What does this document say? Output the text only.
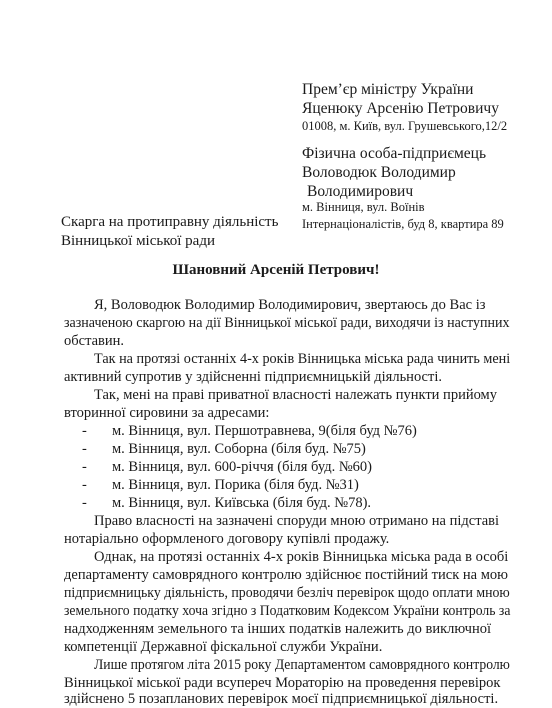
Прем’єр міністру України
Яценюку Арсенію Петровичу
01008, м. Київ, вул. Грушевського,12/2
Фізична особа-підприємець
Воловодюк Володимир
Володимирович
м. Вінниця, вул. Воїнів
Інтернаціоналістів, буд 8, квартира 89
Скарга на протиправну діяльність
Вінницької міської ради
Шановний Арсеній Петрович!
Я, Воловодюк Володимир Володимирович, звертаюсь до Вас із
зазначеною скаргою на дії Вінницької міської ради, виходячи із наступних
обставин.
Так на протязі останніх 4-х років Вінницька міська рада чинить мені
активний супротив у здійсненні підприємницькій діяльності.
Так, мені на праві приватної власності належать пункти прийому
вторинної сировини за адресами:
- м. Вінниця, вул. Першотравнева, 9(біля буд №76)
- м. Вінниця, вул. Соборна (біля буд. №75)
- м. Вінниця, вул. 600-річчя (біля буд. №60)
- м. Вінниця, вул. Порика (біля буд. №31)
- м. Вінниця, вул. Київська (біля буд. №78).
Право власності на зазначені споруди мною отримано на підставі
нотаріально оформленого договору купівлі продажу.
Однак, на протязі останніх 4-х років Вінницька міська рада в особі
департаменту самоврядного контролю здійснює постійний тиск на мою
підприємницьку діяльність, проводячи безліч перевірок щодо оплати мною
земельного податку хоча згідно з Податковим Кодексом України контроль за
надходженням земельного та інших податків належить до виключної
компетенції Державної фіскальної служби України.
Лише протягом літа 2015 року Департаментом самоврядного контролю
Вінницької міської ради всупереч Мораторію на проведення перевірок
здійснено 5 позапланових перевірок моєї підприємницької діяльності.
